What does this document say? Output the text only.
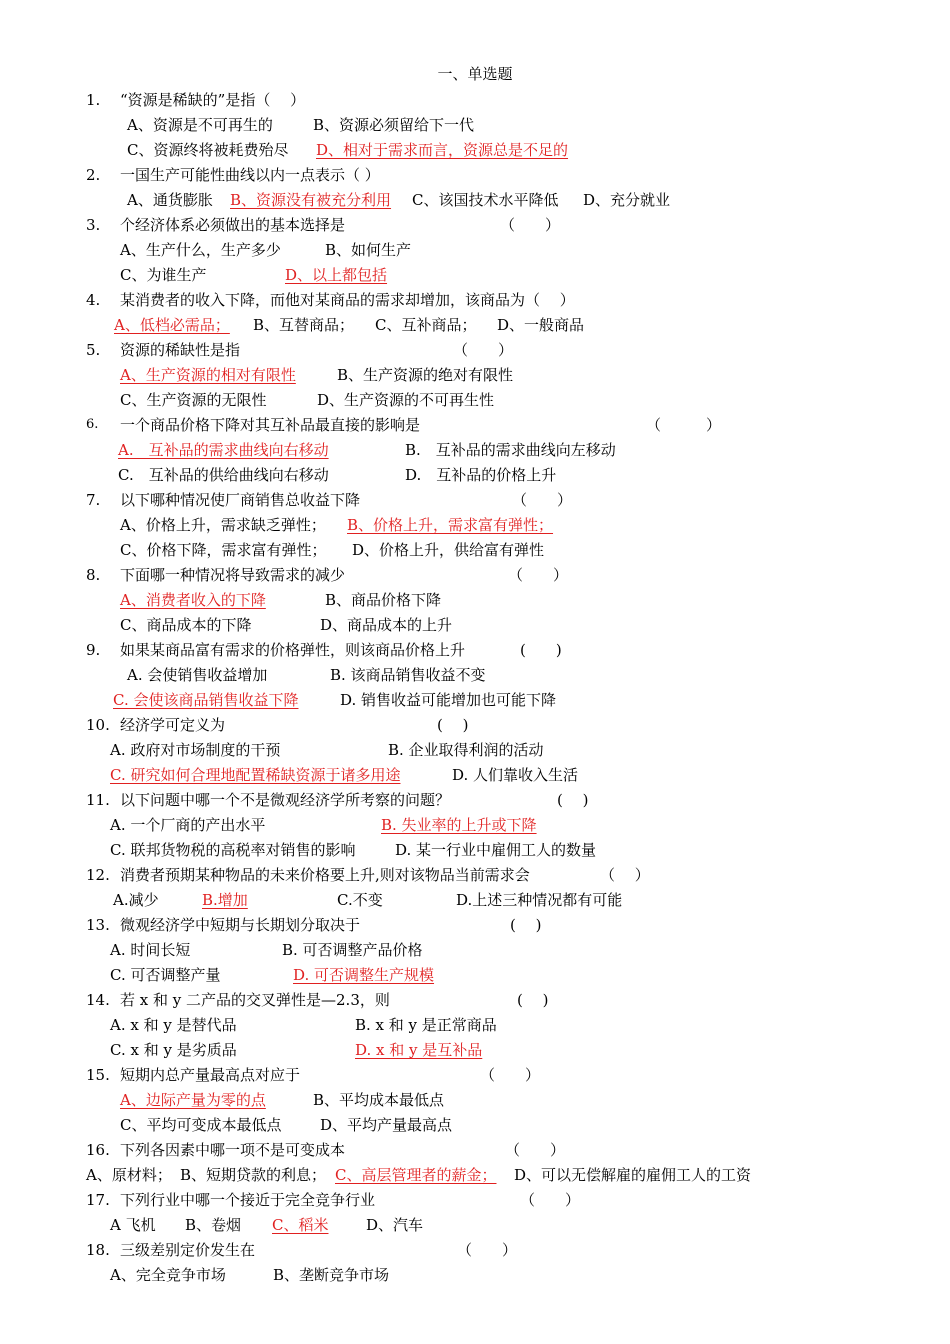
一、单选题
1. “资源是稀缺的”是指（　 ）
A、资源是不可再生的	B、资源必须留给下一代
C、资源终将被耗费殆尽 D、相对于需求而言，资源总是不足的
2. 一国生产可能性曲线以内一点表示（ ）
A、通货膨胀 B、资源没有被充分利用 C、该国技术水平降低 D、充分就业
3. 个经济体系必须做出的基本选择是	（　　）
A、生产什么，生产多少	B、如何生产
C、为谁生产	D、以上都包括
4. 某消费者的收入下降，而他对某商品的需求却增加，该商品为（　 ）
A、低档必需品； B、互替商品； C、互补商品； D、一般商品
5. 资源的稀缺性是指	（　　）
A、生产资源的相对有限性	B、生产资源的绝对有限性
C、生产资源的无限性	D、生产资源的不可再生性
6. 一个商品价格下降对其互补品最直接的影响是	（　　　）
A.　互补品的需求曲线向右移动	B.　互补品的需求曲线向左移动
C.　互补品的供给曲线向右移动	D.　互补品的价格上升
7. 以下哪种情况使厂商销售总收益下降	（　　）
A、价格上升，需求缺乏弹性； B、价格上升，需求富有弹性；
C、价格下降，需求富有弹性； D、价格上升，供给富有弹性
8. 下面哪一种情况将导致需求的减少	（　　）
A、消费者收入的下降	B、商品价格下降
C、商品成本的下降	D、商品成本的上升
9. 如果某商品富有需求的价格弹性，则该商品价格上升	(　　)
A. 会使销售收益增加	B. 该商品销售收益不变
C. 会使该商品销售收益下降	D. 销售收益可能增加也可能下降
10. 经济学可定义为	(　 )
A. 政府对市场制度的干预	B. 企业取得利润的活动
C. 研究如何合理地配置稀缺资源于诸多用途	D. 人们靠收入生活
11. 以下问题中哪一个不是微观经济学所考察的问题？	(　 )
A. 一个厂商的产出水平	B. 失业率的上升或下降
C. 联邦货物税的高税率对销售的影响	D. 某一行业中雇佣工人的数量
12. 消费者预期某种物品的未来价格要上升,则对该物品当前需求会	（　 ）
A.减少	B.增加	C.不变	D.上述三种情况都有可能
13. 微观经济学中短期与长期划分取决于	(　 )
A. 时间长短	B. 可否调整产品价格
C. 可否调整产量	D. 可否调整生产规模
14. 若 x 和 y 二产品的交叉弹性是—2.3，则	(　 )
A. x 和 y 是替代品	B. x 和 y 是正常商品
C. x 和 y 是劣质品	D. x 和 y 是互补品
15. 短期内总产量最高点对应于	（　　）
A、边际产量为零的点	B、平均成本最低点
C、平均可变成本最低点	D、平均产量最高点
16. 下列各因素中哪一项不是可变成本	（　　）
A、原材料； B、短期贷款的利息； C、高层管理者的薪金； D、可以无偿解雇的雇佣工人的工资
17. 下列行业中哪一个接近于完全竞争行业	（　　）
A 飞机 B、卷烟 C、稻米	D、汽车
18. 三级差别定价发生在	（　　）
A、完全竞争市场	B、垄断竞争市场
